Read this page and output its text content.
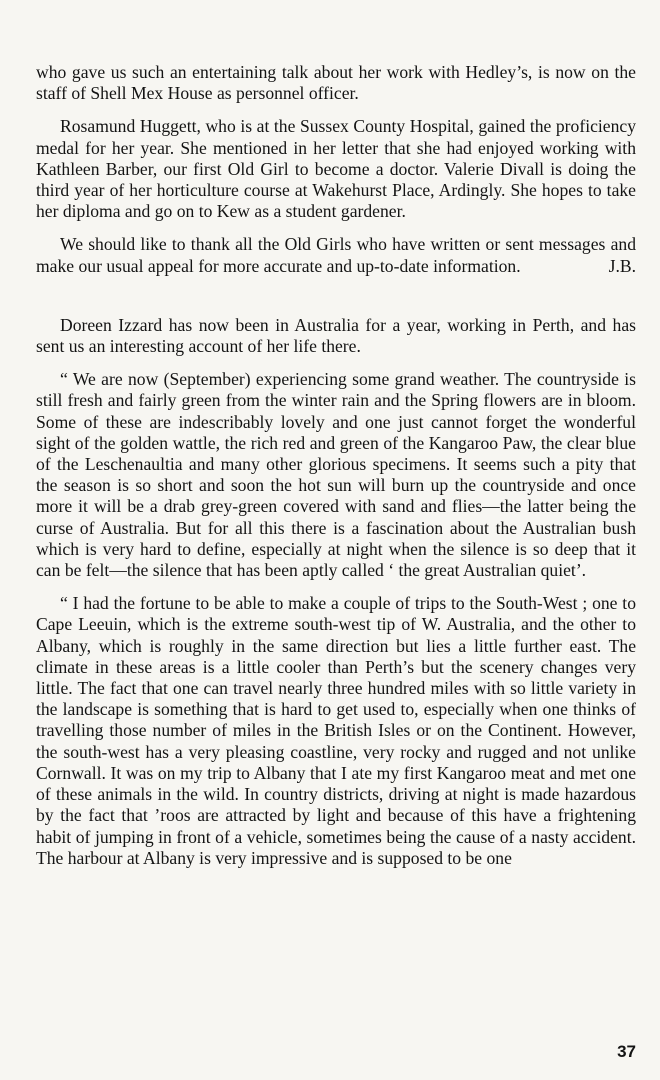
who gave us such an entertaining talk about her work with Hedley’s, is now on the staff of Shell Mex House as personnel officer.

Rosamund Huggett, who is at the Sussex County Hospital, gained the proficiency medal for her year. She mentioned in her letter that she had enjoyed working with Kathleen Barber, our first Old Girl to become a doctor. Valerie Divall is doing the third year of her horticulture course at Wakehurst Place, Ardingly. She hopes to take her diploma and go on to Kew as a student gardener.

We should like to thank all the Old Girls who have written or sent messages and make our usual appeal for more accurate and up-to-date information.	J.B.

Doreen Izzard has now been in Australia for a year, working in Perth, and has sent us an interesting account of her life there.

“ We are now (September) experiencing some grand weather. The countryside is still fresh and fairly green from the winter rain and the Spring flowers are in bloom. Some of these are indescribably lovely and one just cannot forget the wonderful sight of the golden wattle, the rich red and green of the Kangaroo Paw, the clear blue of the Leschenaultia and many other glorious specimens. It seems such a pity that the season is so short and soon the hot sun will burn up the countryside and once more it will be a drab grey-green covered with sand and flies—the latter being the curse of Australia. But for all this there is a fascination about the Australian bush which is very hard to define, especially at night when the silence is so deep that it can be felt—the silence that has been aptly called ‘ the great Australian quiet’.

“ I had the fortune to be able to make a couple of trips to the South-West ; one to Cape Leeuin, which is the extreme south-west tip of W. Australia, and the other to Albany, which is roughly in the same direction but lies a little further east. The climate in these areas is a little cooler than Perth’s but the scenery changes very little. The fact that one can travel nearly three hundred miles with so little variety in the landscape is something that is hard to get used to, especially when one thinks of travelling those number of miles in the British Isles or on the Continent. However, the south-west has a very pleasing coastline, very rocky and rugged and not unlike Cornwall. It was on my trip to Albany that I ate my first Kangaroo meat and met one of these animals in the wild. In country districts, driving at night is made hazardous by the fact that ’roos are attracted by light and because of this have a frightening habit of jumping in front of a vehicle, sometimes being the cause of a nasty accident. The harbour at Albany is very impressive and is supposed to be one

37
